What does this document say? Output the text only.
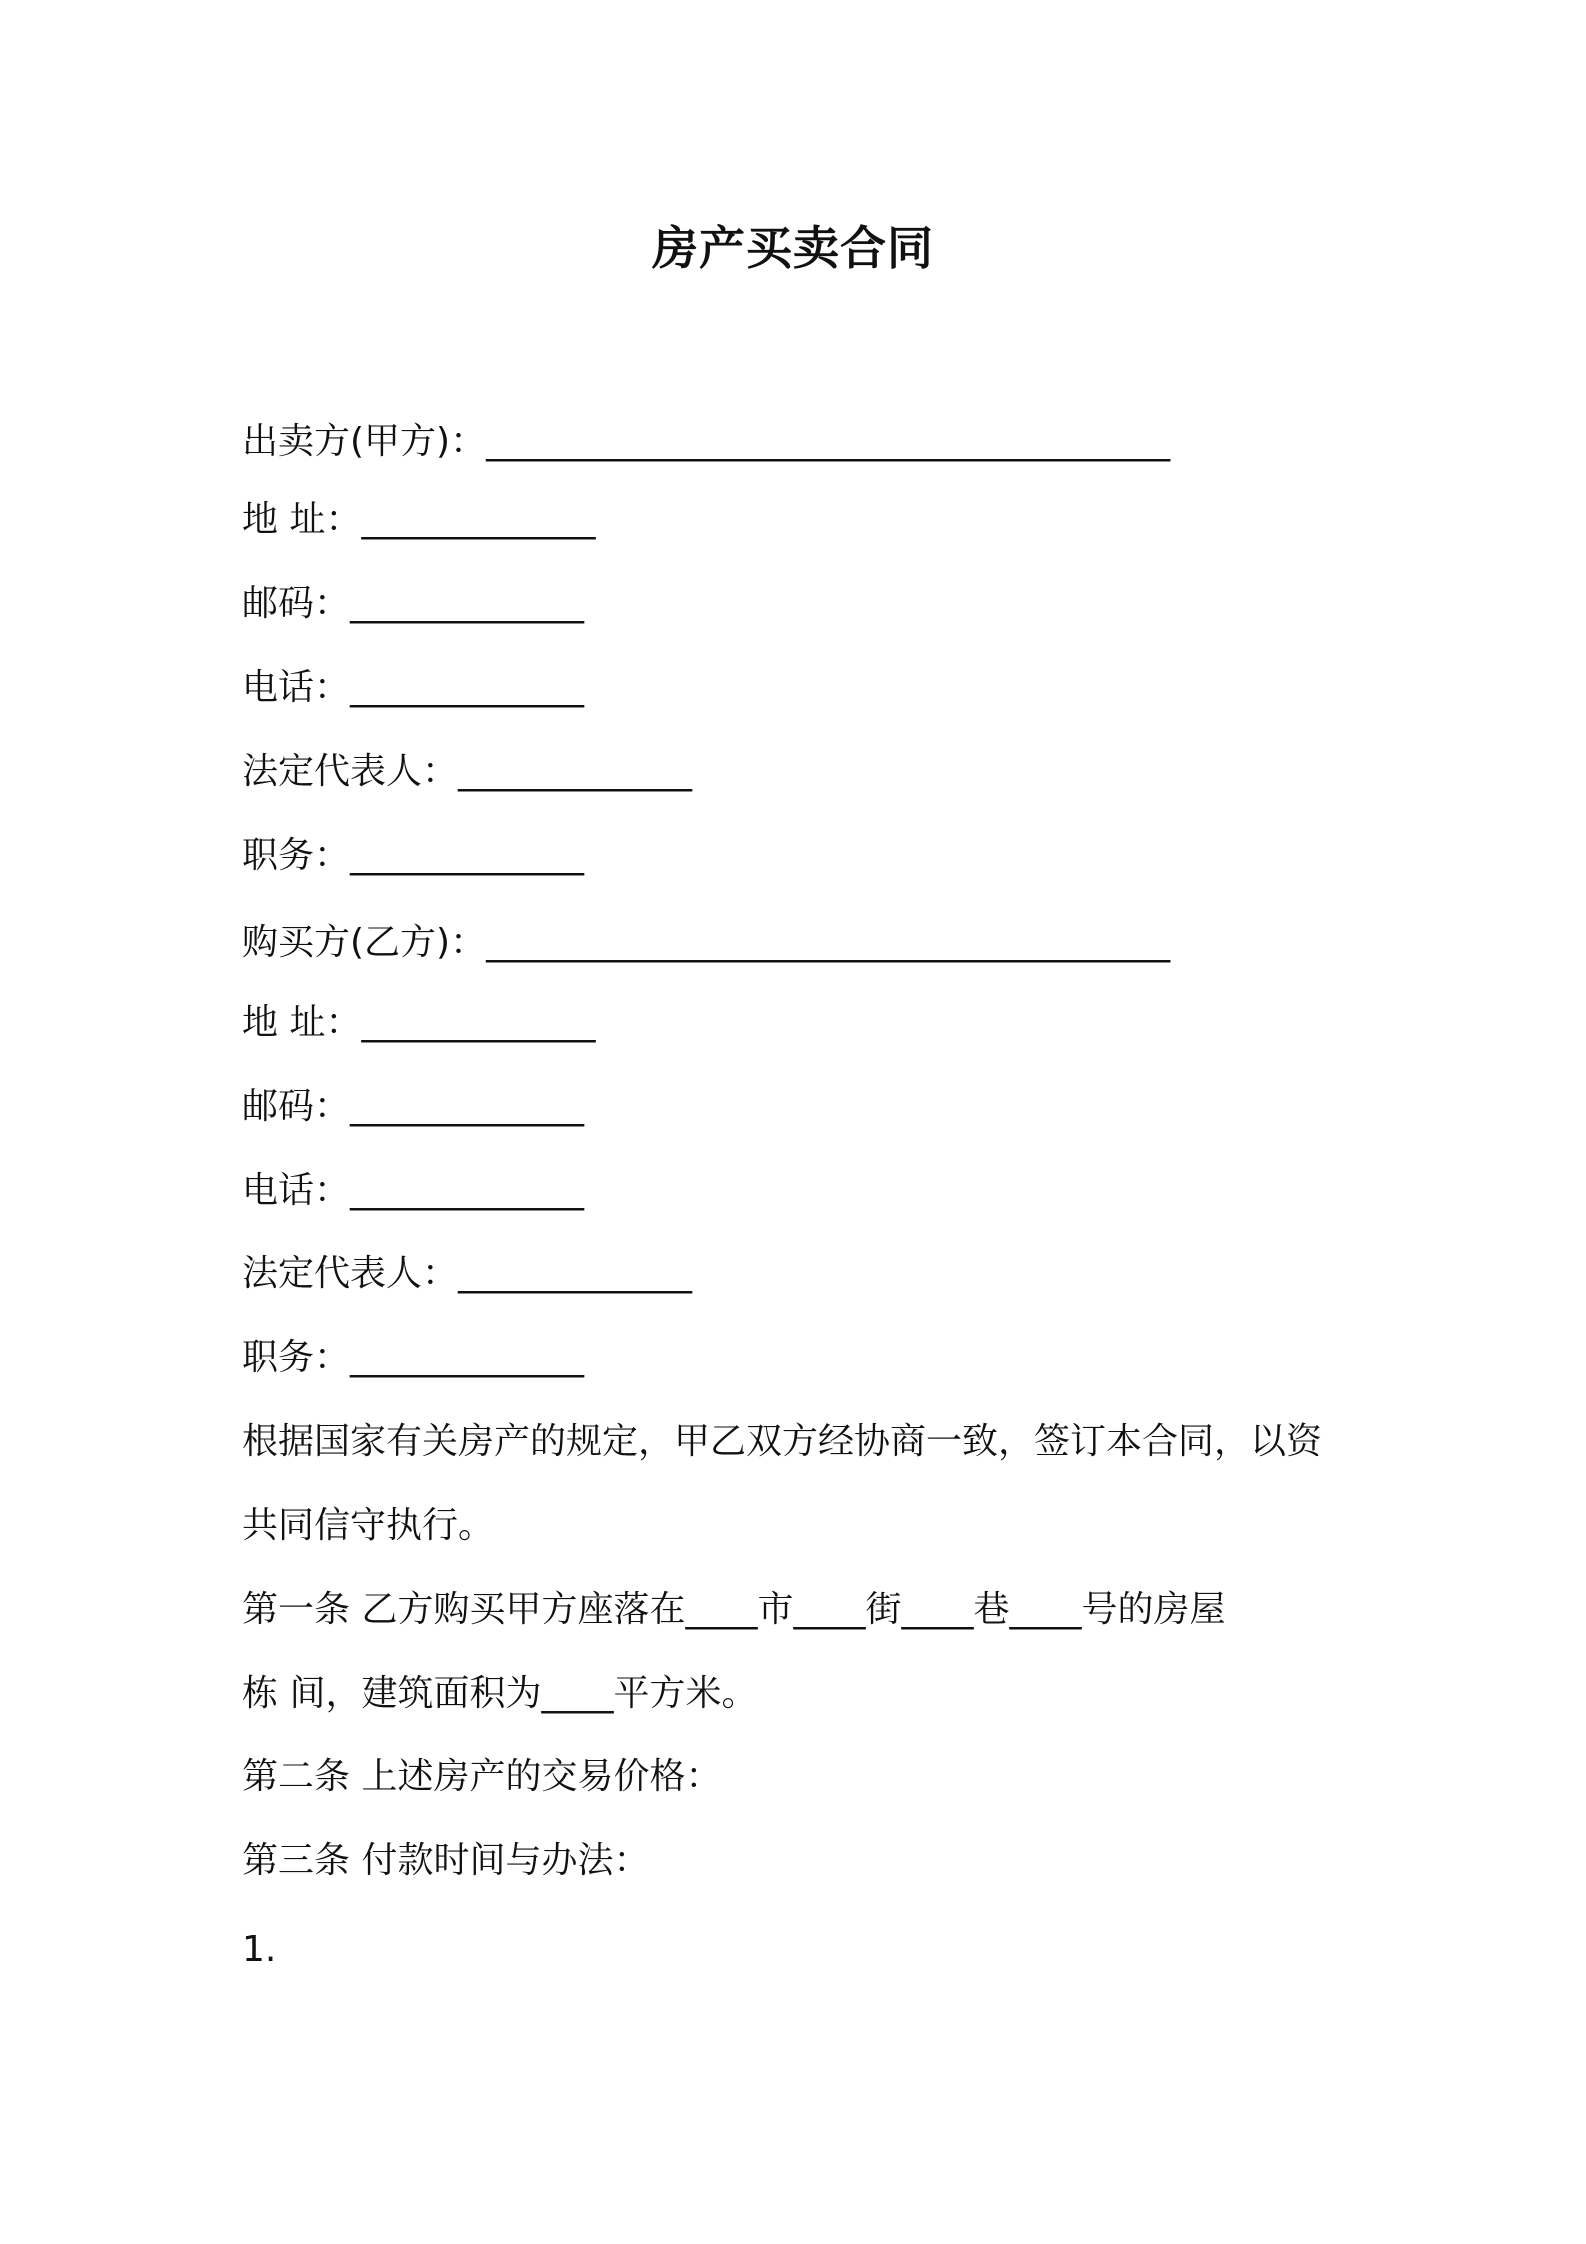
房产买卖合同
出卖方(甲方)：______________________________________
地 址：_____________
邮码：_____________
电话：_____________
法定代表人：_____________
职务：_____________
购买方(乙方)：______________________________________
地 址：_____________
邮码：_____________
电话：_____________
法定代表人：_____________
职务：_____________
根据国家有关房产的规定，甲乙双方经协商一致，签订本合同，以资
共同信守执行。
第一条 乙方购买甲方座落在____市____街____巷____号的房屋
栋 间，建筑面积为____平方米。
第二条 上述房产的交易价格：
第三条 付款时间与办法：
1.
